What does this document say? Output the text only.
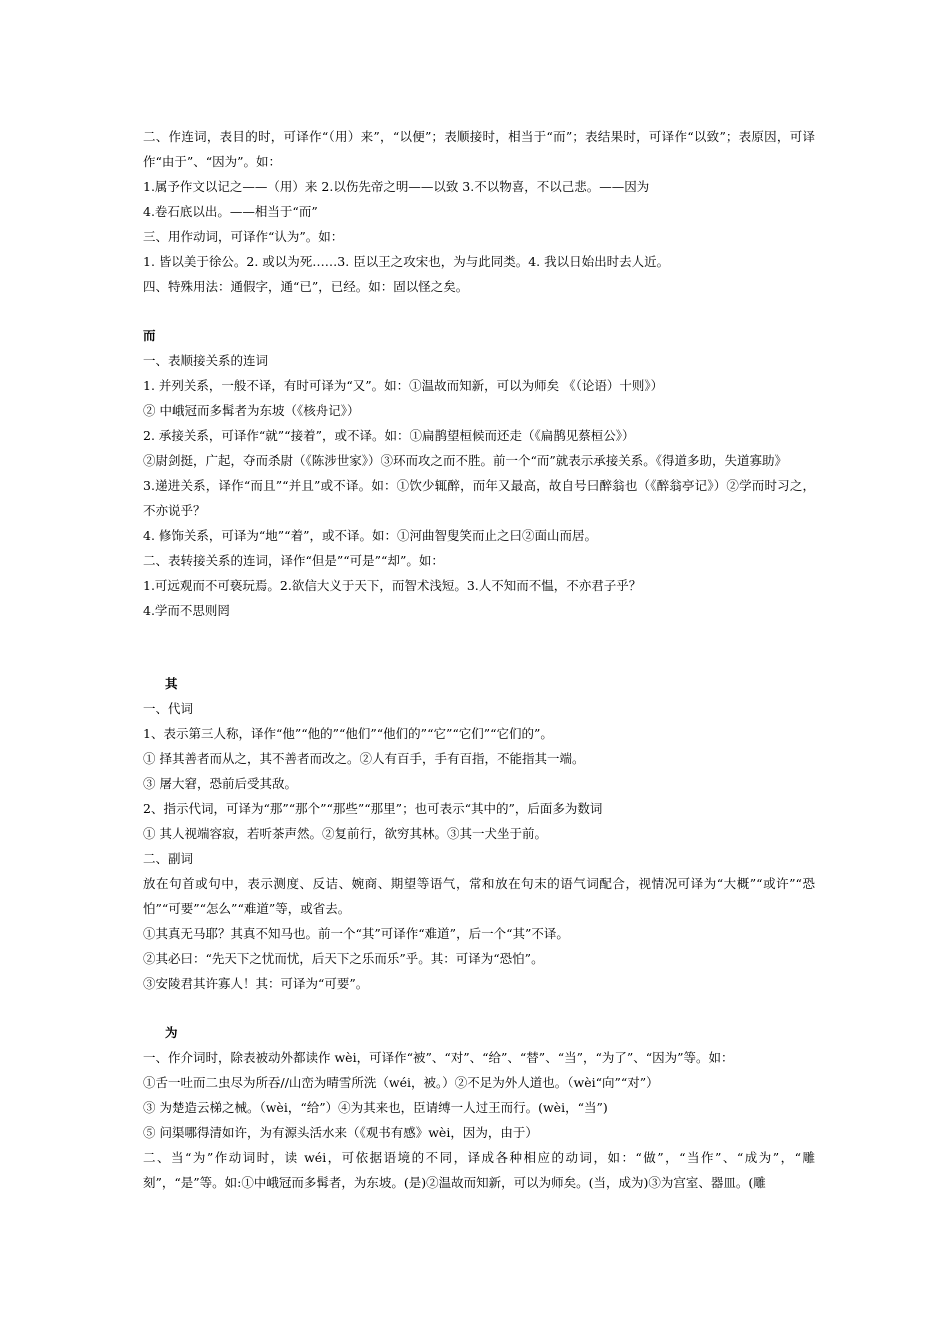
二、作连词，表目的时，可译作“（用）来”，“以便”；表顺接时，相当于“而”；表结果时，可译作“以致”；表原因，可译作“由于”、“因为”。如：

1.属予作文以记之——（用）来 2.以伤先帝之明——以致 3.不以物喜，不以己悲。——因为

4.卷石底以出。——相当于“而”

三、用作动词，可译作“认为”。如：

1. 皆以美于徐公。2. 或以为死……3. 臣以王之攻宋也，为与此同类。4. 我以日始出时去人近。

四、特殊用法：通假字，通“已”，已经。如：固以怪之矣。

而

一、表顺接关系的连词

1. 并列关系，一般不译，有时可译为“又”。如：①温故而知新，可以为师矣 《（论语）十则》）

② 中峨冠而多髯者为东坡（《核舟记》）

2. 承接关系，可译作“就”“接着”，或不译。如：①扁鹊望桓候而还走（《扁鹊见蔡桓公》）

②尉剑挺，广起，夺而杀尉（《陈涉世家》）③环而攻之而不胜。前一个“而”就表示承接关系。《得道多助，失道寡助》

3.递进关系，译作“而且”“并且”或不译。如：①饮少辄醉，而年又最高，故自号曰醉翁也（《醉翁亭记》）②学而时习之，不亦说乎？

4. 修饰关系，可译为“地”“着”，或不译。如：①河曲智叟笑而止之曰②面山而居。

二、表转接关系的连词，译作“但是”“可是”“却”。如：

1.可远观而不可亵玩焉。2.欲信大义于天下，而智术浅短。3.人不知而不愠，不亦君子乎？

4.学而不思则罔

其

一、代词

1、表示第三人称，译作“他”“他的”“他们”“他们的”“它”“它们”“它们的”。

① 择其善者而从之，其不善者而改之。②人有百手，手有百指，不能指其一端。

③ 屠大窘，恐前后受其敌。

2、指示代词，可译为“那”“那个”“那些”“那里”；也可表示“其中的”，后面多为数词

① 其人视端容寂，若听茶声然。②复前行，欲穷其林。③其一犬坐于前。

二、副词

放在句首或句中，表示测度、反诘、婉商、期望等语气，常和放在句末的语气词配合，视情况可译为“大概”“或许”“恐怕”“可要”“怎么”“难道”等，或省去。

①其真无马耶？其真不知马也。前一个“其”可译作“难道”，后一个“其”不译。

②其必曰：“先天下之忧而忧，后天下之乐而乐”乎。其：可译为“恐怕”。

③安陵君其许寡人！其：可译为“可要”。

为

一、作介词时，除表被动外都读作 wèi，可译作“被”、“对”、“给”、“替”、“当”，“为了”、“因为”等。如：

①舌一吐而二虫尽为所吞//山峦为晴雪所洗（wéi，被。）②不足为外人道也。（wèi“向”“对”）

③ 为楚造云梯之械。（wèi，“给”）④为其来也，臣请缚一人过王而行。(wèi，“当”)

⑤ 问渠哪得清如许，为有源头活水来（《观书有感》wèi，因为，由于）

二、当“为”作动词时，读 wéi，可依据语境的不同，译成各种相应的动词，如：“做”，“当作”、“成为”，“雕刻”，“是”等。如:①中峨冠而多髯者，为东坡。(是)②温故而知新，可以为师矣。(当，成为)③为宫室、器皿。(雕
